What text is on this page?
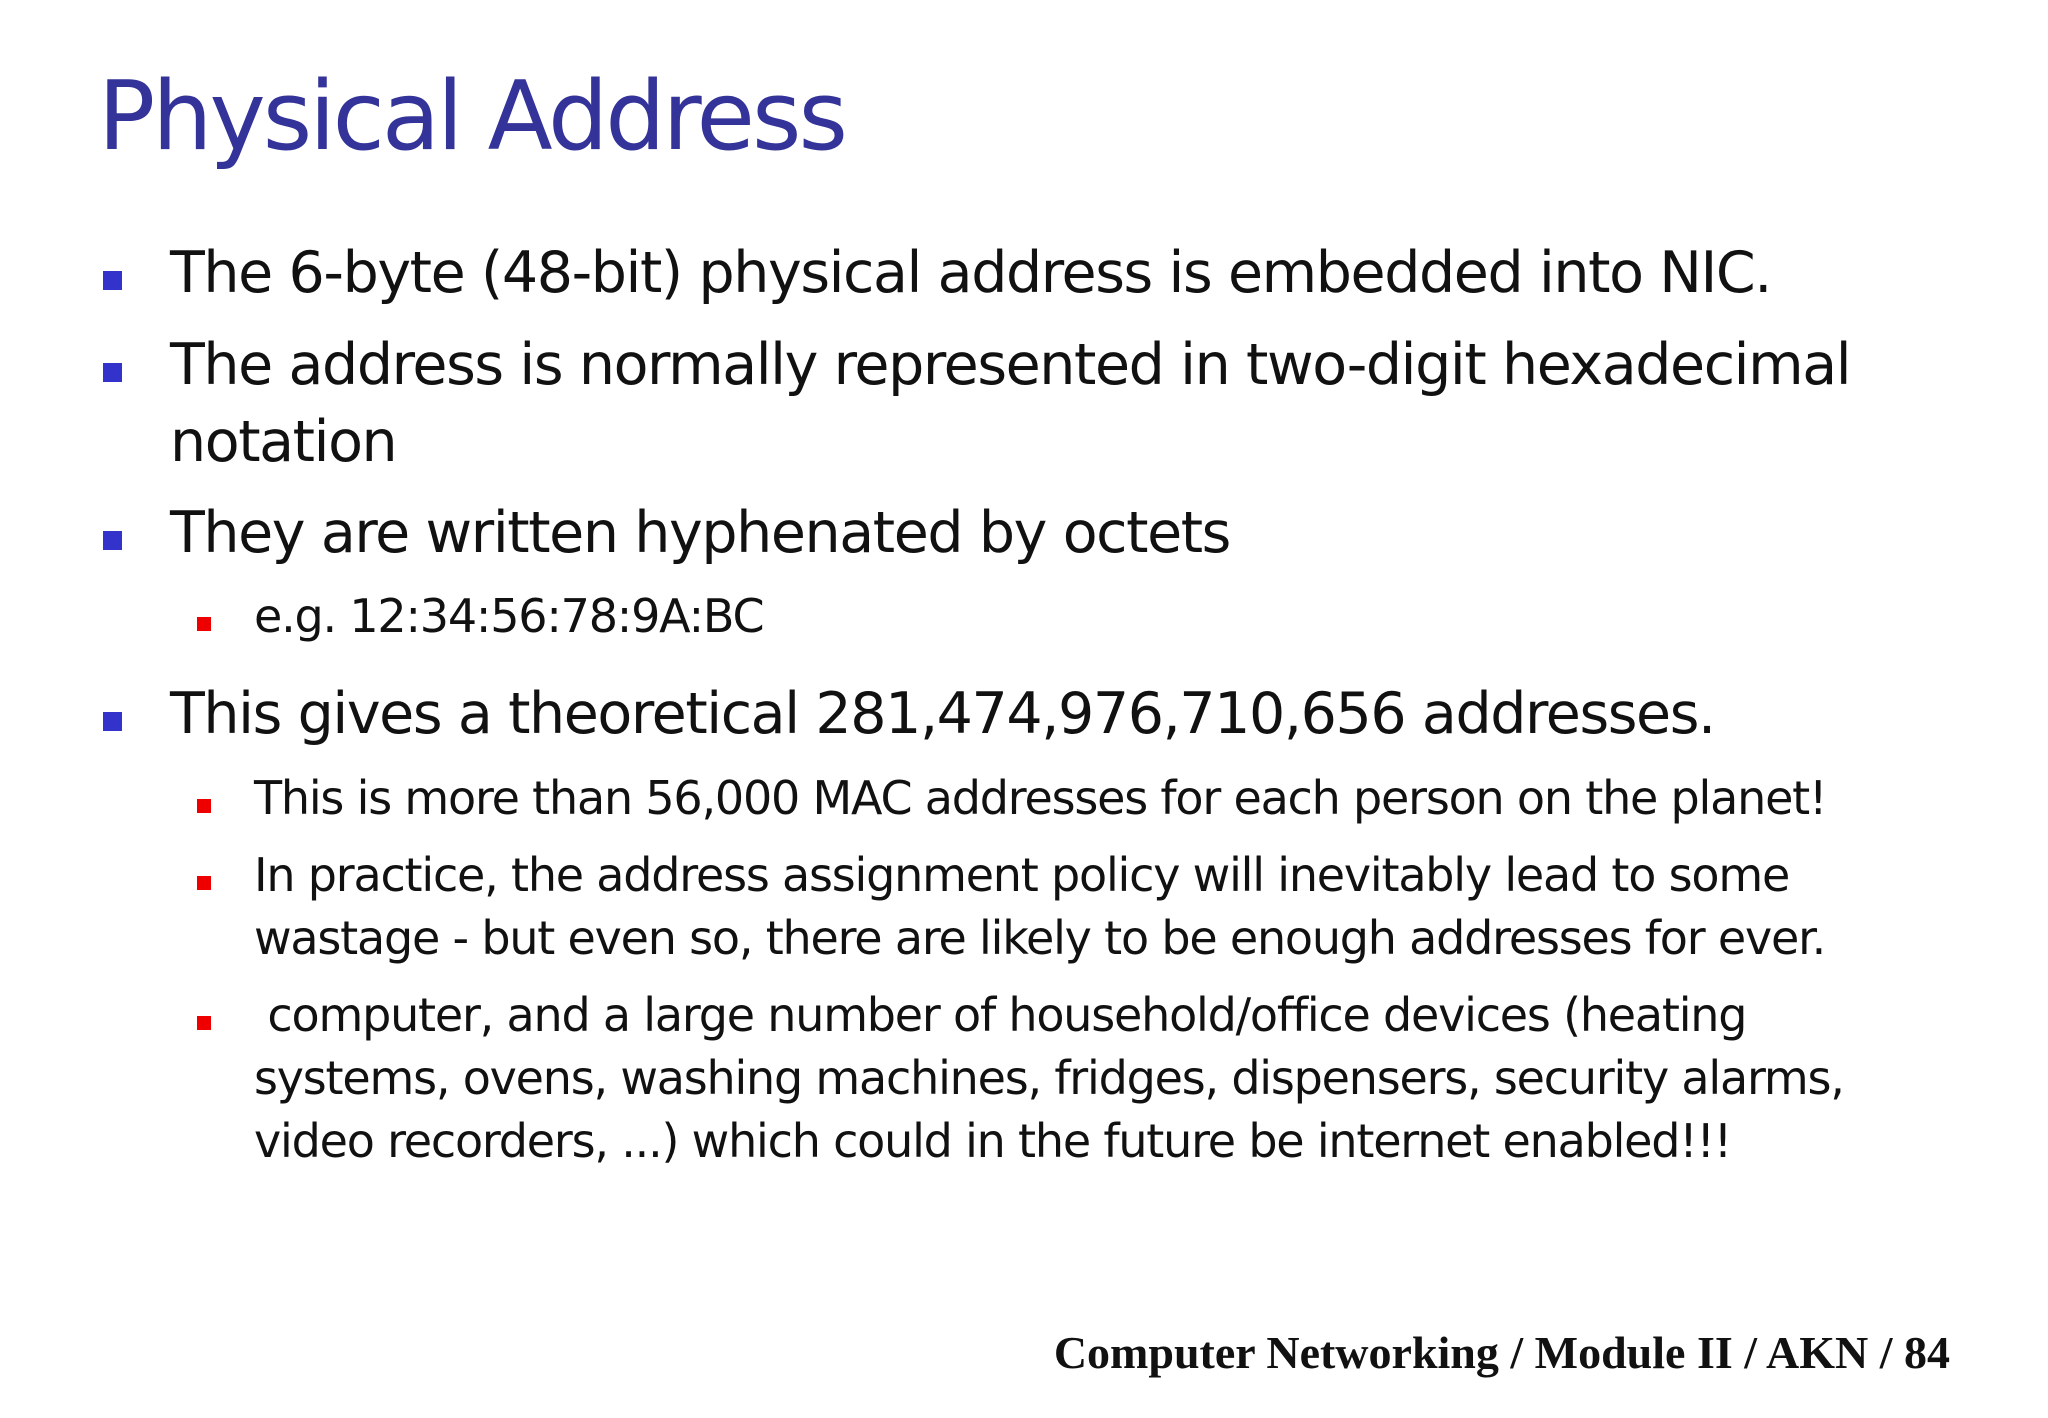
Physical Address
The 6-byte (48-bit) physical address is embedded into NIC.
The address is normally represented in two-digit hexadecimal
notation
They are written hyphenated by octets
e.g. 12:34:56:78:9A:BC
This gives a theoretical 281,474,976,710,656 addresses.
This is more than 56,000 MAC addresses for each person on the planet!
In practice, the address assignment policy will inevitably lead to some
wastage - but even so, there are likely to be enough addresses for ever.
computer, and a large number of household/office devices (heating
systems, ovens, washing machines, fridges, dispensers, security alarms,
video recorders, ...) which could in the future be internet enabled!!!
Computer Networking / Module II / AKN / 84
